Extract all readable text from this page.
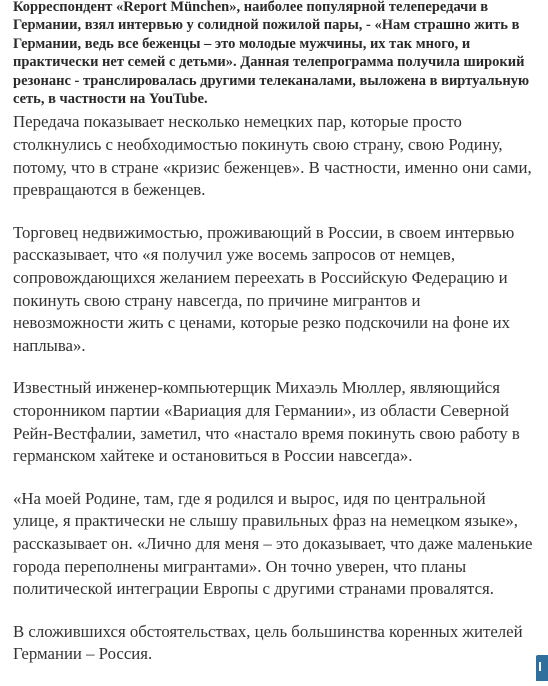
Корреспондент «Report München», наиболее популярной телепередачи в Германии, взял интервью у солидной пожилой пары, - «Нам страшно жить в Германии, ведь все беженцы – это молодые мужчины, их так много, и практически нет семей с детьми». Данная телепрограмма получила широкий резонанс - транслировалась другими телеканалами, выложена в виртуальную сеть, в частности на YouTube.

Передача показывает несколько немецких пар, которые просто столкнулись с необходимостью покинуть свою страну, свою Родину, потому, что в стране «кризис беженцев». В частности, именно они сами, превращаются в беженцев.

Торговец недвижимостью, проживающий в России, в своем интервью рассказывает, что «я получил уже восемь запросов от немцев, сопровождающихся желанием переехать в Российскую Федерацию и покинуть свою страну навсегда, по причине мигрантов и невозможности жить с ценами, которые резко подскочили на фоне их наплыва».

Известный инженер-компьютерщик Михаэль Мюллер, являющийся сторонником партии «Вариация для Германии», из области Северной Рейн-Вестфалии, заметил, что «настало время покинуть свою работу в германском хайтеке и остановиться в России навсегда».

«На моей Родине, там, где я родился и вырос, идя по центральной улице, я практически не слышу правильных фраз на немецком языке», рассказывает он. «Лично для меня – это доказывает, что даже маленькие города переполнены мигрантами». Он точно уверен, что планы политической интеграции Европы с другими странами провалятся.

В сложившихся обстоятельствах, цель большинства коренных жителей Германии – Россия.
